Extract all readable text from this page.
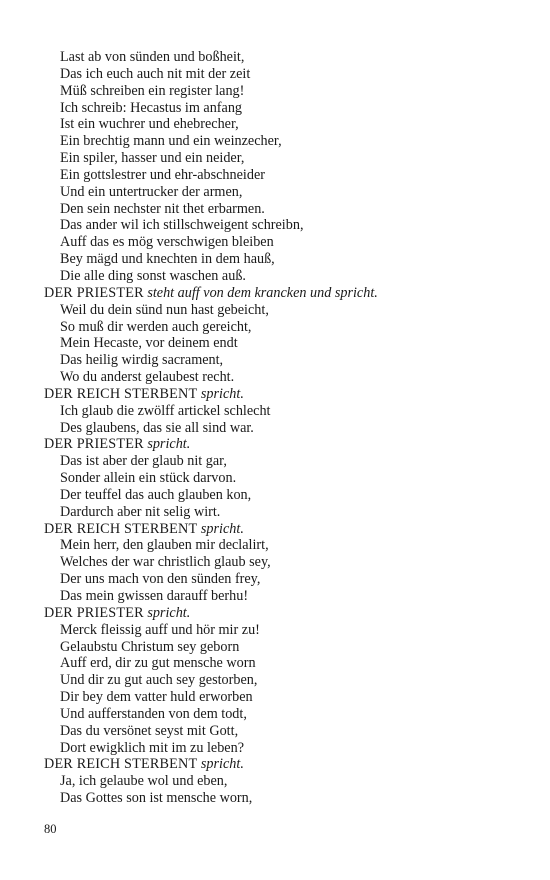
Last ab von sünden und boßheit,
Das ich euch auch nit mit der zeit
Müß schreiben ein register lang!
Ich schreib: Hecastus im anfang
Ist ein wuchrer und ehebrecher,
Ein brechtig mann und ein weinzecher,
Ein spiler, hasser und ein neider,
Ein gottslestrer und ehr-abschneider
Und ein untertrucker der armen,
Den sein nechster nit thet erbarmen.
Das ander wil ich stillschweigent schreibn,
Auff das es mög verschwigen bleiben
Bey mägd und knechten in dem hauß,
Die alle ding sonst waschen auß.
DER PRIESTER steht auff von dem krancken und spricht.
Weil du dein sünd nun hast gebeicht,
So muß dir werden auch gereicht,
Mein Hecaste, vor deinem endt
Das heilig wirdig sacrament,
Wo du anderst gelaubest recht.
DER REICH STERBENT spricht.
Ich glaub die zwölff artickel schlecht
Des glaubens, das sie all sind war.
DER PRIESTER spricht.
Das ist aber der glaub nit gar,
Sonder allein ein stück darvon.
Der teuffel das auch glauben kon,
Dardurch aber nit selig wirt.
DER REICH STERBENT spricht.
Mein herr, den glauben mir declalirt,
Welches der war christlich glaub sey,
Der uns mach von den sünden frey,
Das mein gwissen darauff berhu!
DER PRIESTER spricht.
Merck fleissig auff und hör mir zu!
Gelaubstu Christum sey geborn
Auff erd, dir zu gut mensche worn
Und dir zu gut auch sey gestorben,
Dir bey dem vatter huld erworben
Und aufferstanden von dem todt,
Das du versönet seyst mit Gott,
Dort ewigklich mit im zu leben?
DER REICH STERBENT spricht.
Ja, ich gelaube wol und eben,
Das Gottes son ist mensche worn,
80
